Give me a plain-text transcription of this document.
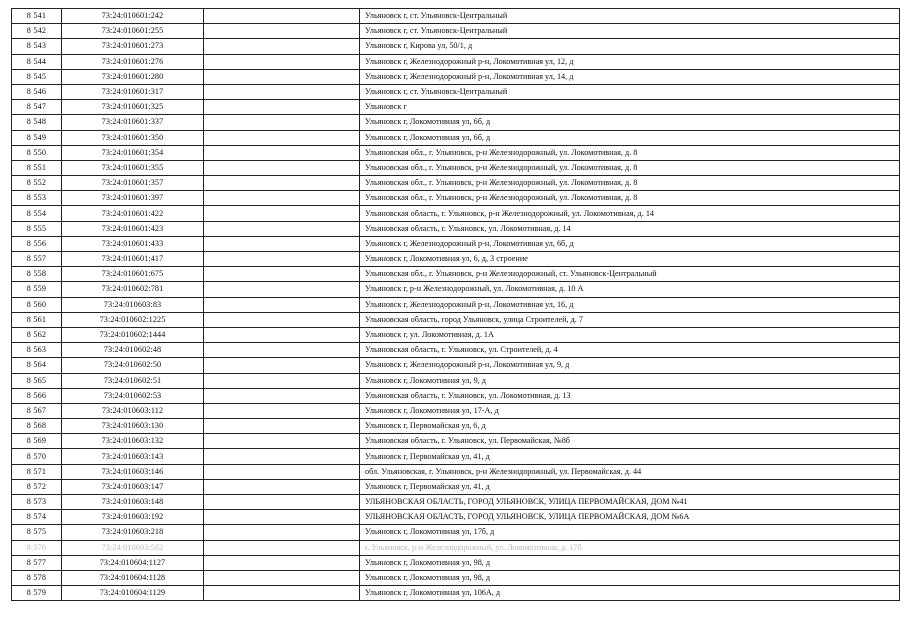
8 541	73:24:010601:242		Ульяновск г, ст. Ульяновск-Центральный
8 542	73:24:010601:255		Ульяновск г, ст. Ульяновск-Центральный
8 543	73:24:010601:273		Ульяновск г, Кирова ул, 50/1, д
8 544	73:24:010601:276		Ульяновск г, Железнодорожный р-н, Локомотивная ул, 12, д
8 545	73:24:010601:280		Ульяновск г, Железнодорожный р-н, Локомотивная ул, 14, д
8 546	73:24:010601:317		Ульяновск г, ст. Ульяновск-Центральный
8 547	73:24:010601:325		Ульяновск г
8 548	73:24:010601:337		Ульяновск г, Локомотивная ул, 6б, д
8 549	73:24:010601:350		Ульяновск г, Локомотивная ул, 6б, д
8 550	73:24:010601:354		Ульяновская обл., г. Ульяновск, р-н Железнодорожный, ул. Локомотивная, д. 8
8 551	73:24:010601:355		Ульяновская обл., г. Ульяновск, р-н Железнодорожный, ул. Локомотивная, д. 8
8 552	73:24:010601:357		Ульяновская обл., г. Ульяновск, р-н Железнодорожный, ул. Локомотивная, д. 8
8 553	73:24:010601:397		Ульяновская обл., г. Ульяновск, р-н Железнодорожный, ул. Локомотивная, д. 8
8 554	73:24:010601:422		Ульяновская область, г. Ульяновск, р-н Железнодорожный, ул. Локомотивная, д. 14
8 555	73:24:010601:423		Ульяновская область, г. Ульяновск, ул. Локомотивная, д. 14
8 556	73:24:010601:433		Ульяновск г, Железнодорожный р-н, Локомотивная ул, 6б, д
8 557	73:24:010601:417		Ульяновск г, Локомотивная ул, 6, д, 3 строение
8 558	73:24:010601:675		Ульяновская обл., г. Ульяновск, р-н Железнодорожный, ст. Ульяновск-Центральный
8 559	73:24:010602:781		Ульяновск г, р-н Железнодорожный, ул. Локомотивная, д. 10 А
8 560	73:24:010603:83		Ульяновск г, Железнодорожный р-н, Локомотивная ул, 16, д
8 561	73:24:010602:1225		Ульяновская область, город Ульяновск, улица Строителей, д. 7
8 562	73:24:010602:1444		Ульяновск г, ул. Локомотивная, д. 1А
8 563	73:24:010602:48		Ульяновская область, г. Ульяновск, ул. Строителей, д. 4
8 564	73:24:010602:50		Ульяновск г, Железнодорожный р-н, Локомотивная ул, 9, д
8 565	73:24:010602:51		Ульяновск г, Локомотивная ул, 9, д
8 566	73:24:010602:53		Ульяновская область, г. Ульяновск, ул. Локомотивная, д. 13
8 567	73:24:010603:112		Ульяновск г, Локомотивная ул, 17-А, д
8 568	73:24:010603:130		Ульяновск г, Первомайская ул, 6, д
8 569	73:24:010603:132		Ульяновская область, г. Ульяновск, ул. Первомайская, №8б
8 570	73:24:010603:143		Ульяновск г, Первомайская ул, 41, д
8 571	73:24:010603:146		обл. Ульяновская, г. Ульяновск, р-н Железнодорожный, ул. Первомайская, д. 44
8 572	73:24:010603:147		Ульяновск г, Первомайская ул, 41, д
8 573	73:24:010603:148		УЛЬЯНОВСКАЯ ОБЛАСТЬ, ГОРОД УЛЬЯНОВСК, УЛИЦА ПЕРВОМАЙСКАЯ, ДОМ №41
8 574	73:24:010603:192		УЛЬЯНОВСКАЯ ОБЛАСТЬ, ГОРОД УЛЬЯНОВСК, УЛИЦА ПЕРВОМАЙСКАЯ, ДОМ №6А
8 575	73:24:010603:218		Ульяновск г, Локомотивная ул, 17б, д
8 576	73:24:010603:582		г. Ульяновск, р-н Железнодорожный, ул. Локомотивная, д. 17б
8 577	73:24:010604:1127		Ульяновск г, Локомотивная ул, 98, д
8 578	73:24:010604:1128		Ульяновск г, Локомотивная ул, 98, д
8 579	73:24:010604:1129		Ульяновск г, Локомотивная ул, 106А, д
